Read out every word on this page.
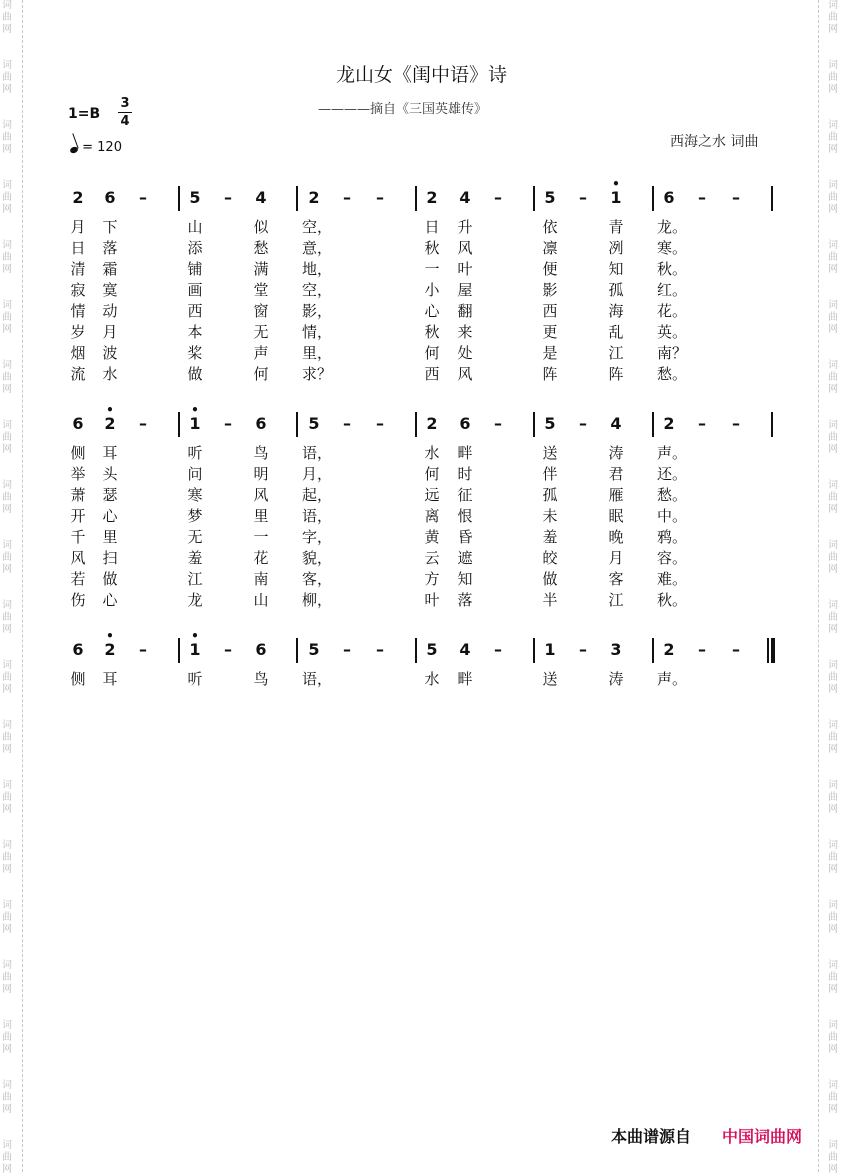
词
曲
网
词
曲
网
词
曲
网
词
曲
网
词
曲
网
词
曲
网
词
曲
网
词
曲
网
词
曲
网
词
曲
网
词
曲
网
词
曲
网
词
曲
网
词
曲
网
词
曲
网
词
曲
网
词
曲
网
词
曲
网
词
曲
网
词
曲
网
词
曲
网
词
曲
网
词
曲
网
词
曲
网
词
曲
网
词
曲
网
词
曲
网
词
曲
网
词
曲
网
词
曲
网
词
曲
网
词
曲
网
词
曲
网
词
曲
网
词
曲
网
词
曲
网
词
曲
网
词
曲
网
词
曲
网
词
曲
网
龙山女《闺中语》诗
————摘自《三国英雄传》
西海之水 词曲
1=B
3
4
= 120
2	6	–	5	–	4	2	–	–	2	4	–	5	–	1
•
6	–	–
月	下	山	似	空，	日	升	依	青	龙。
日	落	添	愁	意，	秋	风	凛	冽	寒。
清	霜	铺	满	地，	一	叶	便	知	秋。
寂	寞	画	堂	空，	小	屋	影	孤	红。
情	动	西	窗	影，	心	翻	西	海	花。
岁	月	本	无	情，	秋	来	更	乱	英。
烟	波	桨	声	里，	何	处	是	江	南？
流	水	做	何	求？	西	风	阵	阵	愁。
6	2
•
–	1
•
–	6	5	–	–	2	6	–	5	–	4	2	–	–
侧	耳	听	鸟	语，	水	畔	送	涛	声。
举	头	问	明	月，	何	时	伴	君	还。
萧	瑟	寒	风	起，	远	征	孤	雁	愁。
开	心	梦	里	语，	离	恨	未	眠	中。
千	里	无	一	字，	黄	昏	羞	晚	鸦。
风	扫	羞	花	貌，	云	遮	皎	月	容。
若	做	江	南	客，	方	知	做	客	难。
伤	心	龙	山	柳，	叶	落	半	江	秋。
6	2
•
–	1
•
–	6	5	–	–	5	4	–	1	–	3	2	–	–
侧	耳	听	鸟	语，	水	畔	送	涛	声。
本曲谱源自 中国词曲网
